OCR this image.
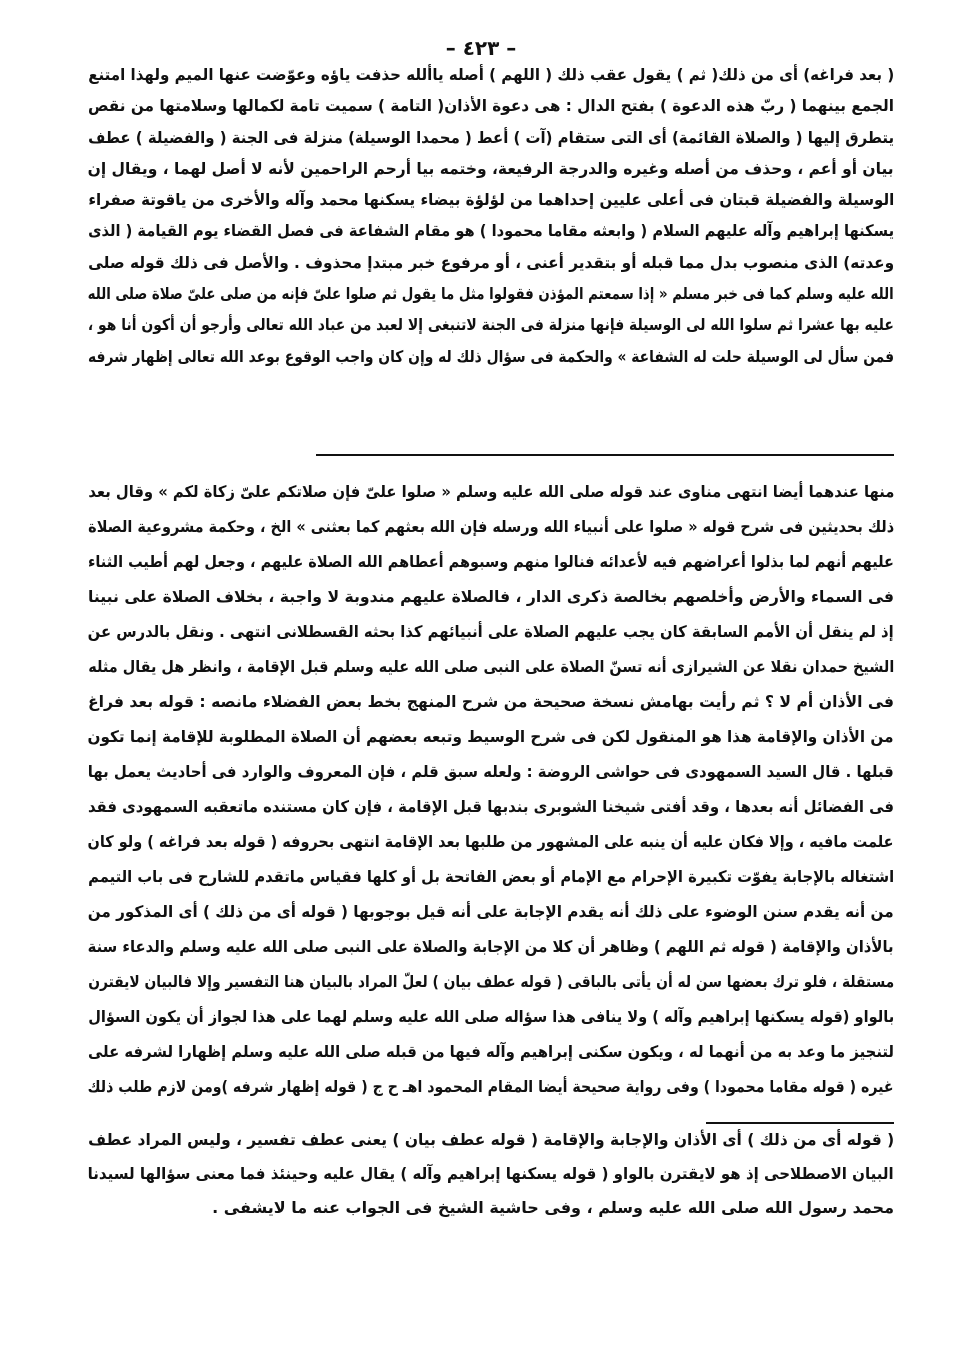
– ٤٢٣ –
( بعد فراغه) أى من ذلك( ثم ) يقول عقب ذلك ( اللهم ) أصله ياألله حذفت ياؤه وعوّضت عنها الميم ولهذا امتنع
الجمع بينهما ( ربّ هذه الدعوة ) بفتح الدال : هى دعوة الأذان( التامة ) سميت تامة لكمالها وسلامتها من نقص
يتطرق إليها ( والصلاة القائمة) أى التى ستقام (آت ) أعط ( محمدا الوسيلة) منزلة فى الجنة ( والفضيلة ) عطف
بيان أو أعم ، وحذف من أصله وغيره والدرجة الرفيعة، وختمه بيا أرحم الراحمين لأنه لا أصل لهما ، ويقال إن
الوسيلة والفضيلة قبتان فى أعلى عليين إحداهما من لؤلؤة بيضاء يسكنها محمد وآله والأخرى من ياقوتة صفراء
يسكنها إبراهيم وآله عليهم السلام ( وابعثه مقاما محمودا ) هو مقام الشفاعة فى فصل القضاء يوم القيامة ( الذى
وعدته) الذى منصوب بدل مما قبله أو بتقدير أعنى ، أو مرفوع خبر مبتدإ محذوف . والأصل فى ذلك قوله صلى
الله عليه وسلم كما فى خبر مسلم « إذا سمعتم المؤذن فقولوا مثل ما يقول ثم صلوا علىّ فإنه من صلى علىّ صلاة صلى الله
عليه بها عشرا ثم سلوا الله لى الوسيلة فإنها منزلة فى الجنة لاتنبغى إلا لعبد من عباد الله تعالى وأرجو أن أكون أنا هو ،
فمن سأل لى الوسيلة حلت له الشفاعة » والحكمة فى سؤال ذلك له وإن كان واجب الوقوع بوعد الله تعالى إظهار شرفه
منها عندهما أيضا انتهى مناوى عند قوله صلى الله عليه وسلم « صلوا علىّ فإن صلاتكم علىّ زكاة لكم » وقال بعد
ذلك بحديثين فى شرح قوله « صلوا على أنبياء الله ورسله فإن الله بعثهم كما بعثنى » الخ ، وحكمة مشروعية الصلاة
عليهم أنهم لما بذلوا أعراضهم فيه لأعدائه فنالوا منهم وسبوهم أعطاهم الله الصلاة عليهم ، وجعل لهم أطيب الثناء
فى السماء والأرض وأخلصهم بخالصة ذكرى الدار ، فالصلاة عليهم مندوبة لا واجبة ، بخلاف الصلاة على نبينا
إذ لم ينقل أن الأمم السابقة كان يجب عليهم الصلاة على أنبيائهم كذا بحثه القسطلانى انتهى . ونقل بالدرس عن
الشيخ حمدان نقلا عن الشيرازى أنه تسنّ الصلاة على النبى صلى الله عليه وسلم قبل الإقامة ، وانظر هل يقال مثله
فى الأذان أم لا ؟ ثم رأيت بهامش نسخة صحيحة من شرح المنهج بخط بعض الفضلاء مانصه : قوله بعد فراغ
من الأذان والإقامة هذا هو المنقول لكن فى شرح الوسيط وتبعه بعضهم أن الصلاة المطلوبة للإقامة إنما تكون
قبلها . قال السيد السمهودى فى حواشى الروضة : ولعله سبق قلم ، فإن المعروف والوارد فى أحاديث يعمل بها
فى الفضائل أنه بعدها ، وقد أفتى شيخنا الشوبرى بندبها قبل الإقامة ، فإن كان مستنده ماتعقبه السمهودى فقد
علمت مافيه ، وإلا فكان عليه أن ينبه على المشهور من طلبها بعد الإقامة انتهى بحروفه ( قوله بعد فراغه ) ولو كان
اشتغاله بالإجابة يفوّت تكبيرة الإحرام مع الإمام أو بعض الفاتحة بل أو كلها فقياس ماتقدم للشارح فى باب التيمم
من أنه يقدم سنن الوضوء على ذلك أنه يقدم الإجابة على أنه قيل بوجوبها ( قوله أى من ذلك ) أى المذكور من
بالأذان والإقامة ( قوله ثم اللهم ) وظاهر أن كلا من الإجابة والصلاة على النبى صلى الله عليه وسلم والدعاء سنة
مستقلة ، فلو ترك بعضها سن له أن يأتى بالباقى ( قوله عطف بيان ) لعلّ المراد بالبيان هنا التفسير وإلا فالبيان لايقترن
بالواو (قوله يسكنها إبراهيم وآله ) ولا ينافى هذا سؤاله صلى الله عليه وسلم لهما على هذا لجواز أن يكون السؤال
لتنجيز ما وعد به من أنهما له ، ويكون سكنى إبراهيم وآله فيها من قبله صلى الله عليه وسلم إظهارا لشرفه على
غيره ( قوله مقاما محمودا ) وفى رواية صحيحة أيضا المقام المحمود اهـ ح ج ( قوله إظهار شرفه )ومن لازم طلب ذلك
( قوله أى من ذلك ) أى الأذان والإجابة والإقامة ( قوله عطف بيان ) يعنى عطف تفسير ، وليس المراد عطف
البيان الاصطلاحى إذ هو لايقترن بالواو ( قوله يسكنها إبراهيم وآله ) يقال عليه وحينئذ فما معنى سؤالها لسيدنا
محمد رسول الله صلى الله عليه وسلم ، وفى حاشية الشيخ فى الجواب عنه ما لايشفى .
